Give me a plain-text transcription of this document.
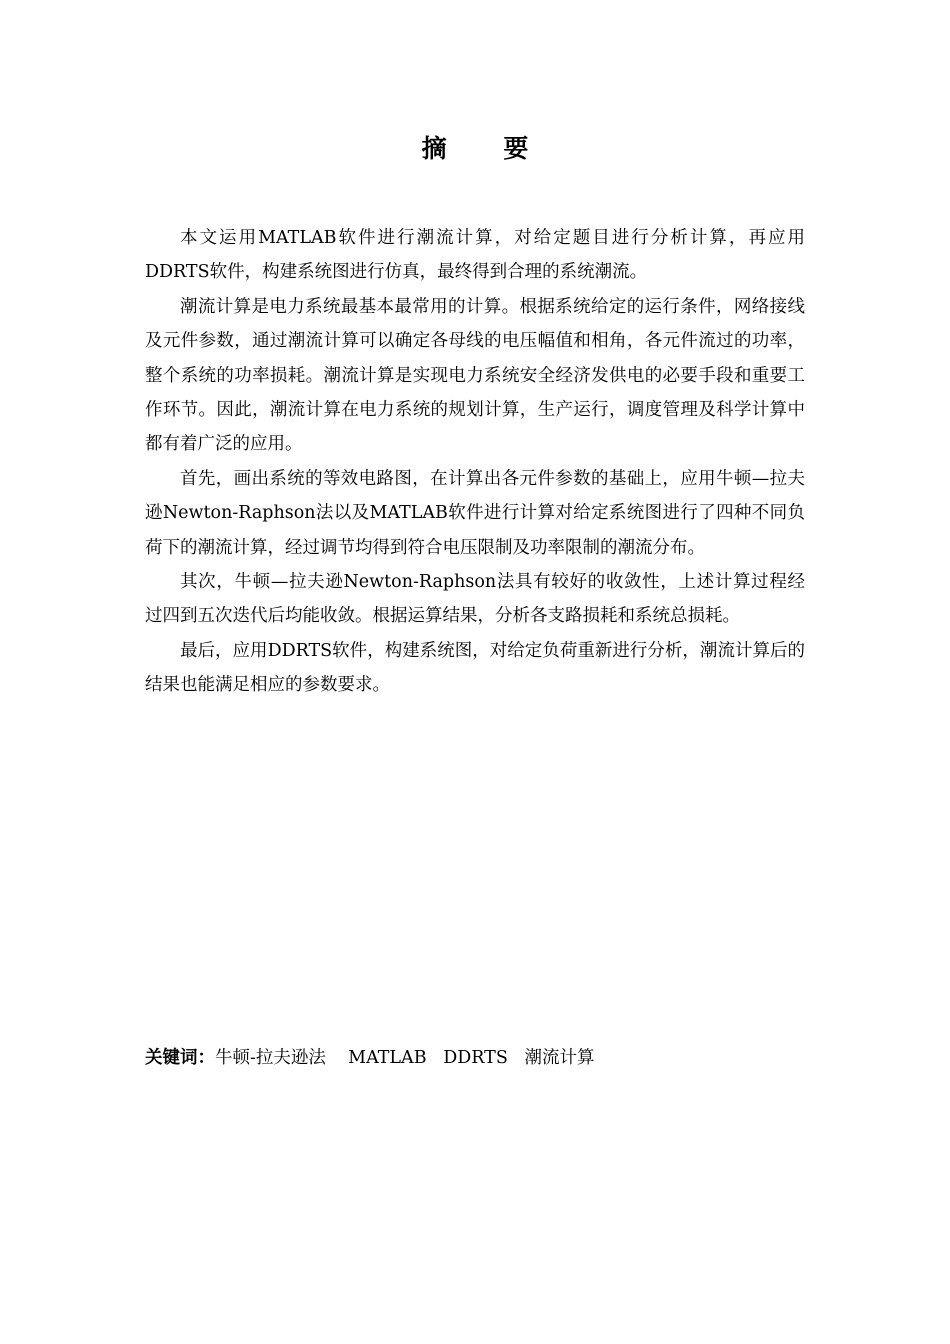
摘 要

本文运用MATLAB软件进行潮流计算，对给定题目进行分析计算，再应用DDRTS软件，构建系统图进行仿真，最终得到合理的系统潮流。

潮流计算是电力系统最基本最常用的计算。根据系统给定的运行条件，网络接线及元件参数，通过潮流计算可以确定各母线的电压幅值和相角，各元件流过的功率，整个系统的功率损耗。潮流计算是实现电力系统安全经济发供电的必要手段和重要工作环节。因此，潮流计算在电力系统的规划计算，生产运行，调度管理及科学计算中都有着广泛的应用。

首先，画出系统的等效电路图，在计算出各元件参数的基础上，应用牛顿—拉夫逊Newton-Raphson法以及MATLAB软件进行计算对给定系统图进行了四种不同负荷下的潮流计算，经过调节均得到符合电压限制及功率限制的潮流分布。

其次，牛顿—拉夫逊Newton-Raphson法具有较好的收敛性，上述计算过程经过四到五次迭代后均能收敛。根据运算结果，分析各支路损耗和系统总损耗。

最后，应用DDRTS软件，构建系统图，对给定负荷重新进行分析，潮流计算后的结果也能满足相应的参数要求。

关键词：牛顿-拉夫逊法    MATLAB   DDRTS   潮流计算
